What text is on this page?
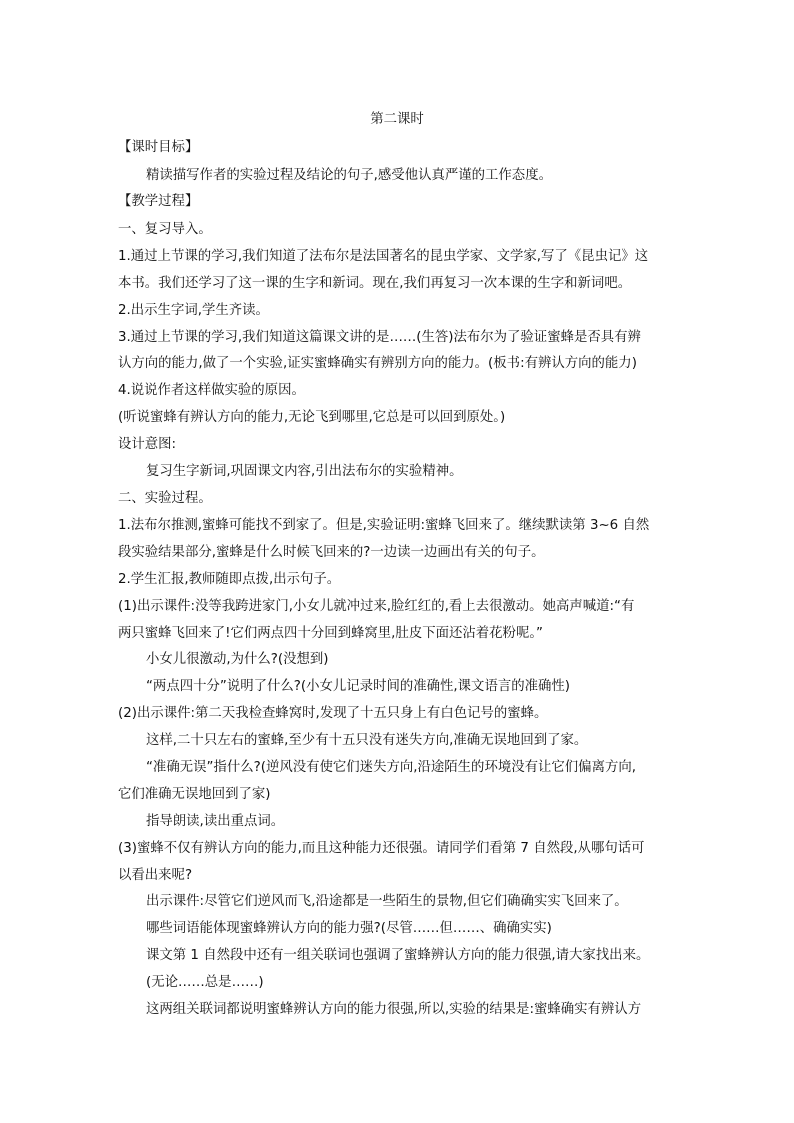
第二课时
【课时目标】
精读描写作者的实验过程及结论的句子,感受他认真严谨的工作态度。
【教学过程】
一、复习导入。
1.通过上节课的学习,我们知道了法布尔是法国著名的昆虫学家、文学家,写了《昆虫记》这
本书。我们还学习了这一课的生字和新词。现在,我们再复习一次本课的生字和新词吧。
2.出示生字词,学生齐读。
3.通过上节课的学习,我们知道这篇课文讲的是……(生答)法布尔为了验证蜜蜂是否具有辨
认方向的能力,做了一个实验,证实蜜蜂确实有辨别方向的能力。(板书:有辨认方向的能力)
4.说说作者这样做实验的原因。
(听说蜜蜂有辨认方向的能力,无论飞到哪里,它总是可以回到原处。)
设计意图:
复习生字新词,巩固课文内容,引出法布尔的实验精神。
二、实验过程。
1.法布尔推测,蜜蜂可能找不到家了。但是,实验证明:蜜蜂飞回来了。继续默读第 3~6 自然
段实验结果部分,蜜蜂是什么时候飞回来的?一边读一边画出有关的句子。
2.学生汇报,教师随即点拨,出示句子。
(1)出示课件:没等我跨进家门,小女儿就冲过来,脸红红的,看上去很激动。她高声喊道:“有
两只蜜蜂飞回来了!它们两点四十分回到蜂窝里,肚皮下面还沾着花粉呢。”
小女儿很激动,为什么?(没想到)
“两点四十分”说明了什么?(小女儿记录时间的准确性,课文语言的准确性)
(2)出示课件:第二天我检查蜂窝时,发现了十五只身上有白色记号的蜜蜂。
这样,二十只左右的蜜蜂,至少有十五只没有迷失方向,准确无误地回到了家。
“准确无误”指什么?(逆风没有使它们迷失方向,沿途陌生的环境没有让它们偏离方向,
它们准确无误地回到了家)
指导朗读,读出重点词。
(3)蜜蜂不仅有辨认方向的能力,而且这种能力还很强。请同学们看第 7 自然段,从哪句话可
以看出来呢?
出示课件:尽管它们逆风而飞,沿途都是一些陌生的景物,但它们确确实实飞回来了。
哪些词语能体现蜜蜂辨认方向的能力强?(尽管……但……、确确实实)
课文第 1 自然段中还有一组关联词也强调了蜜蜂辨认方向的能力很强,请大家找出来。
(无论……总是……)
这两组关联词都说明蜜蜂辨认方向的能力很强,所以,实验的结果是:蜜蜂确实有辨认方
